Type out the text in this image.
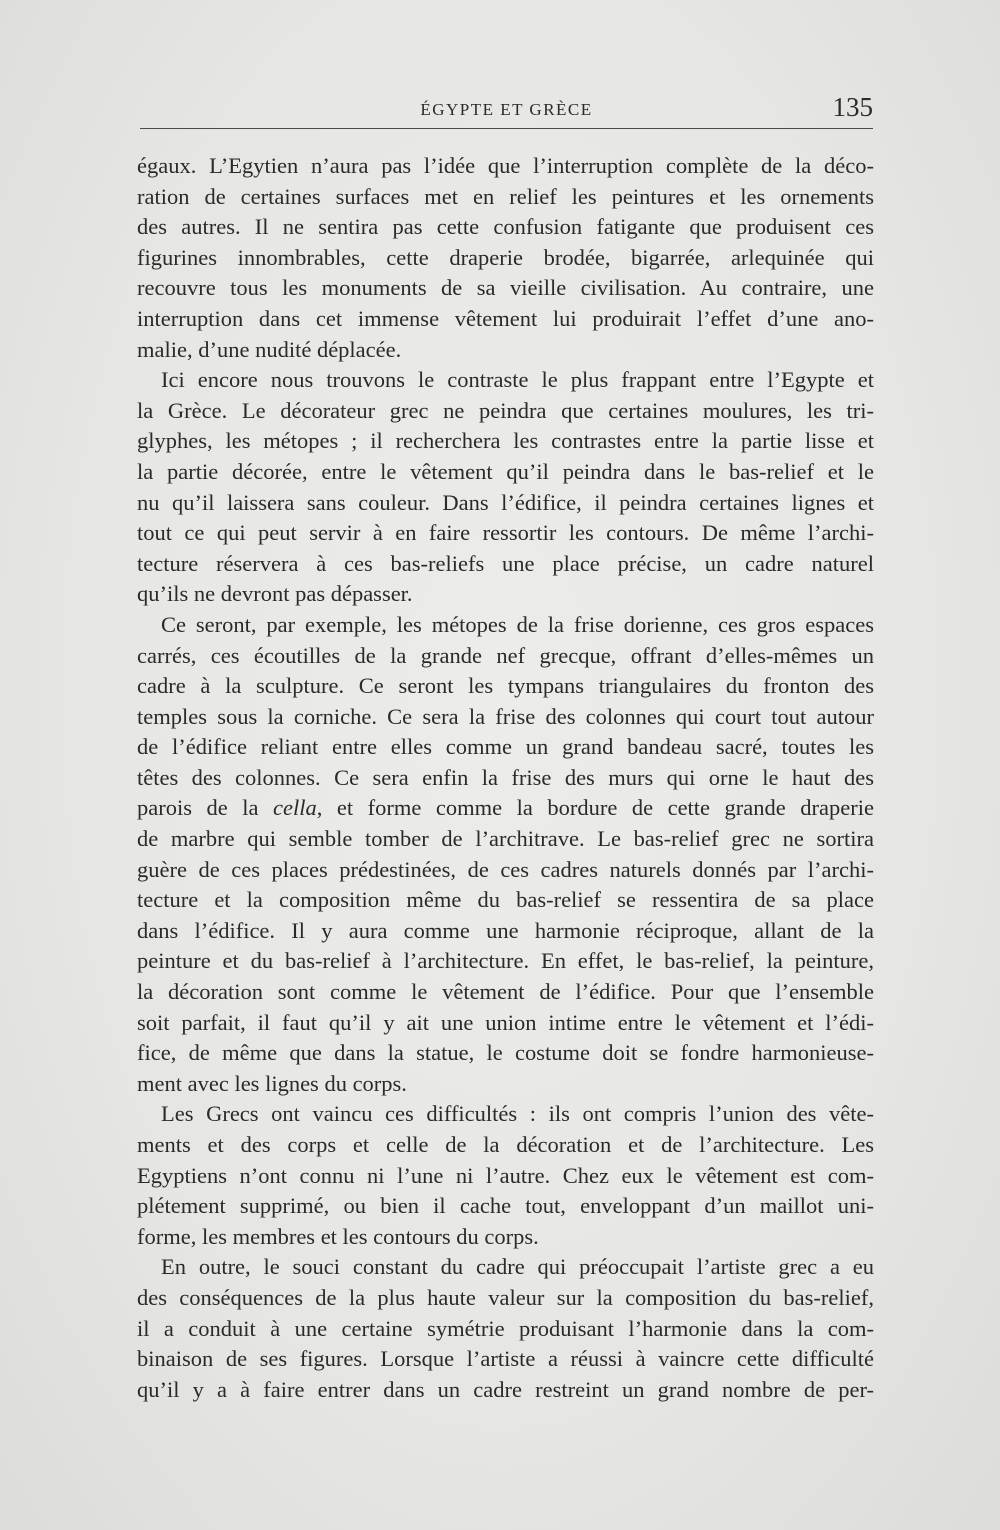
ÉGYPTE ET GRÈCE	135
égaux. L’Egytien n’aura pas l’idée que l’interruption complète de la déco-
ration de certaines surfaces met en relief les peintures et les ornements
des autres. Il ne sentira pas cette confusion fatigante que produisent ces
figurines innombrables, cette draperie brodée, bigarrée, arlequinée qui
recouvre tous les monuments de sa vieille civilisation. Au contraire, une
interruption dans cet immense vêtement lui produirait l’effet d’une ano-
malie, d’une nudité déplacée.
Ici encore nous trouvons le contraste le plus frappant entre l’Egypte et
la Grèce. Le décorateur grec ne peindra que certaines moulures, les tri-
glyphes, les métopes ; il recherchera les contrastes entre la partie lisse et
la partie décorée, entre le vêtement qu’il peindra dans le bas-relief et le
nu qu’il laissera sans couleur. Dans l’édifice, il peindra certaines lignes et
tout ce qui peut servir à en faire ressortir les contours. De même l’archi-
tecture réservera à ces bas-reliefs une place précise, un cadre naturel
qu’ils ne devront pas dépasser.
Ce seront, par exemple, les métopes de la frise dorienne, ces gros espaces
carrés, ces écoutilles de la grande nef grecque, offrant d’elles-mêmes un
cadre à la sculpture. Ce seront les tympans triangulaires du fronton des
temples sous la corniche. Ce sera la frise des colonnes qui court tout autour
de l’édifice reliant entre elles comme un grand bandeau sacré, toutes les
têtes des colonnes. Ce sera enfin la frise des murs qui orne le haut des
parois de la cella, et forme comme la bordure de cette grande draperie
de marbre qui semble tomber de l’architrave. Le bas-relief grec ne sortira
guère de ces places prédestinées, de ces cadres naturels donnés par l’archi-
tecture et la composition même du bas-relief se ressentira de sa place
dans l’édifice. Il y aura comme une harmonie réciproque, allant de la
peinture et du bas-relief à l’architecture. En effet, le bas-relief, la peinture,
la décoration sont comme le vêtement de l’édifice. Pour que l’ensemble
soit parfait, il faut qu’il y ait une union intime entre le vêtement et l’édi-
fice, de même que dans la statue, le costume doit se fondre harmonieuse-
ment avec les lignes du corps.
Les Grecs ont vaincu ces difficultés : ils ont compris l’union des vête-
ments et des corps et celle de la décoration et de l’architecture. Les
Egyptiens n’ont connu ni l’une ni l’autre. Chez eux le vêtement est com-
plétement supprimé, ou bien il cache tout, enveloppant d’un maillot uni-
forme, les membres et les contours du corps.
En outre, le souci constant du cadre qui préoccupait l’artiste grec a eu
des conséquences de la plus haute valeur sur la composition du bas-relief,
il a conduit à une certaine symétrie produisant l’harmonie dans la com-
binaison de ses figures. Lorsque l’artiste a réussi à vaincre cette difficulté
qu’il y a à faire entrer dans un cadre restreint un grand nombre de per-
